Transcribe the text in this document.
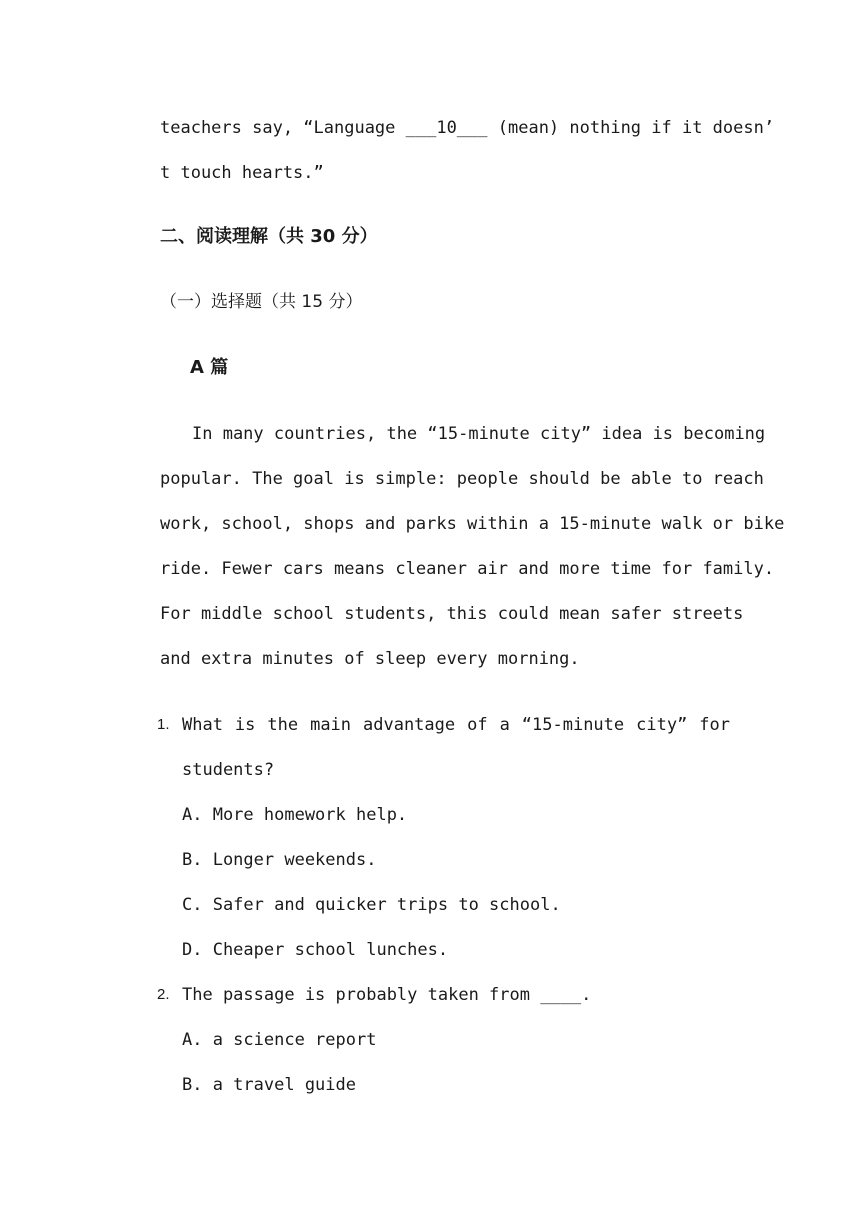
teachers say, “Language ___10___ (mean) nothing if it doesn’
t touch hearts.”
二、阅读理解（共 30 分）
（一）选择题（共 15 分）
A 篇
In many countries, the “15-minute city” idea is becoming
popular. The goal is simple: people should be able to reach
work, school, shops and parks within a 15-minute walk or bike
ride. Fewer cars means cleaner air and more time for family.
For middle school students, this could mean safer streets
and extra minutes of sleep every morning.
1. What is the main advantage of a “15-minute city” for
students?
A. More homework help.
B. Longer weekends.
C. Safer and quicker trips to school.
D. Cheaper school lunches.
2. The passage is probably taken from ____.
A. a science report
B. a travel guide
